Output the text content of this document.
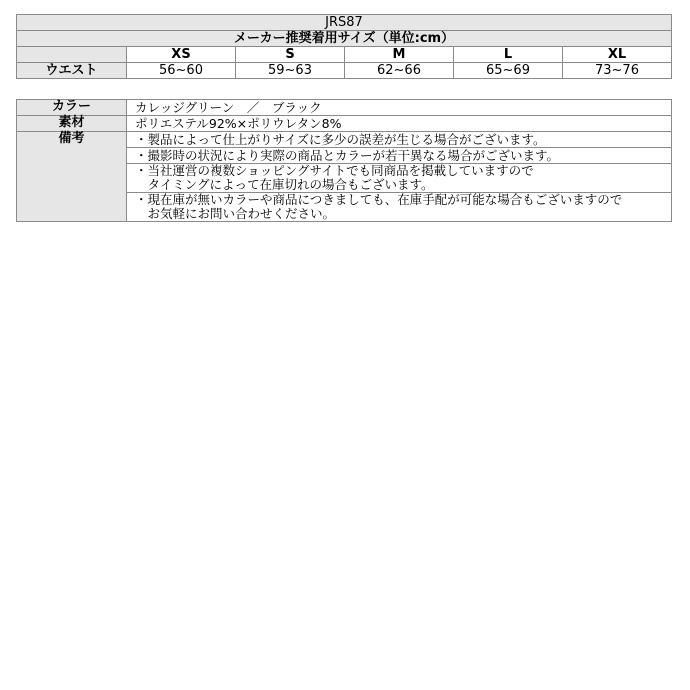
JRS87					
メーカー推奨着用サイズ（単位:cm）					
	XS	S	M	L	XL
ウエスト	56~60	59~63	62~66	65~69	73~76
カラー	カレッジグリーン　／　ブラック
素材	ポリエステル92%×ポリウレタン8%
備考	・製品によって仕上がりサイズに多少の誤差が生じる場合がございます。

	・撮影時の状況により実際の商品とカラーが若干異なる場合がございます。

	・当社運営の複数ショッピングサイトでも同商品を掲載していますので
　タイミングによって在庫切れの場合もございます。

	・現在庫が無いカラーや商品につきましても、在庫手配が可能な場合もございますので
　お気軽にお問い合わせください。
